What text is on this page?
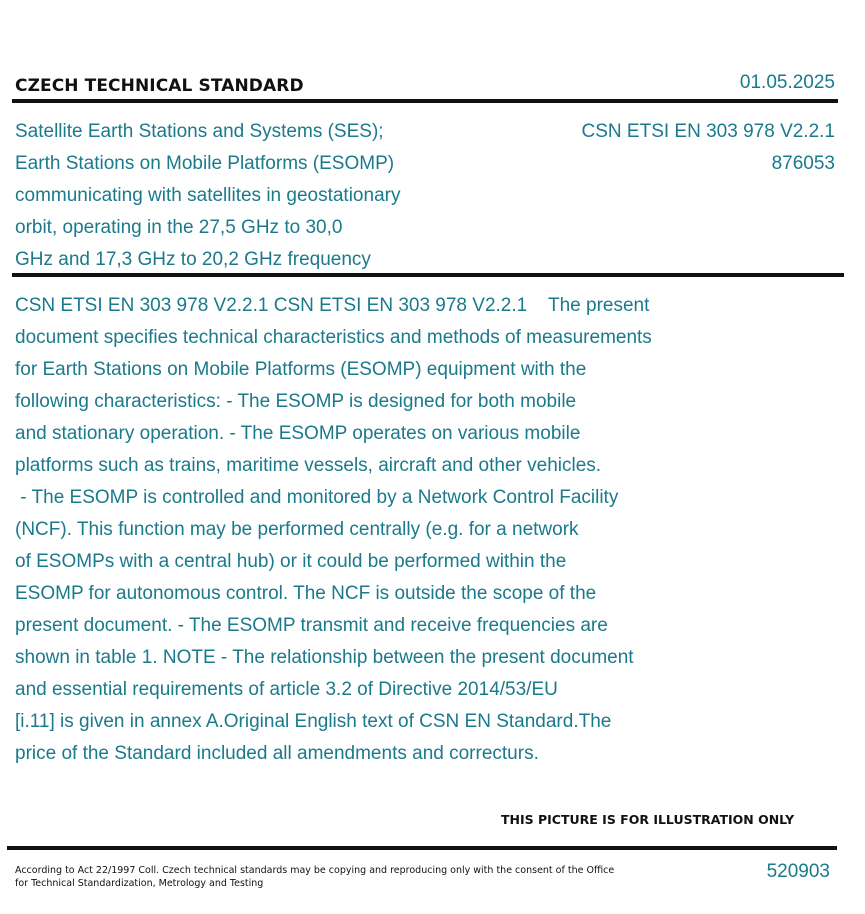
CZECH TECHNICAL STANDARD	01.05.2025
Satellite Earth Stations and Systems (SES);
Earth Stations on Mobile Platforms (ESOMP)
communicating with satellites in geostationary
orbit, operating in the 27,5 GHz to 30,0
GHz and 17,3 GHz to 20,2 GHz frequency
CSN ETSI EN 303 978 V2.2.1
876053
CSN ETSI EN 303 978 V2.2.1 CSN ETSI EN 303 978 V2.2.1    The present
document specifies technical characteristics and methods of measurements
for Earth Stations on Mobile Platforms (ESOMP) equipment with the
following characteristics: - The ESOMP is designed for both mobile
and stationary operation. - The ESOMP operates on various mobile
platforms such as trains, maritime vessels, aircraft and other vehicles.
- The ESOMP is controlled and monitored by a Network Control Facility
(NCF). This function may be performed centrally (e.g. for a network
of ESOMPs with a central hub) or it could be performed within the
ESOMP for autonomous control. The NCF is outside the scope of the
present document. - The ESOMP transmit and receive frequencies are
shown in table 1. NOTE - The relationship between the present document
and essential requirements of article 3.2 of Directive 2014/53/EU
[i.11] is given in annex A.Original English text of CSN EN Standard.The
price of the Standard included all amendments and correcturs.
THIS PICTURE IS FOR ILLUSTRATION ONLY
According to Act 22/1997 Coll. Czech technical standards may be copying and reproducing only with the consent of the Office
for Technical Standardization, Metrology and Testing
520903
